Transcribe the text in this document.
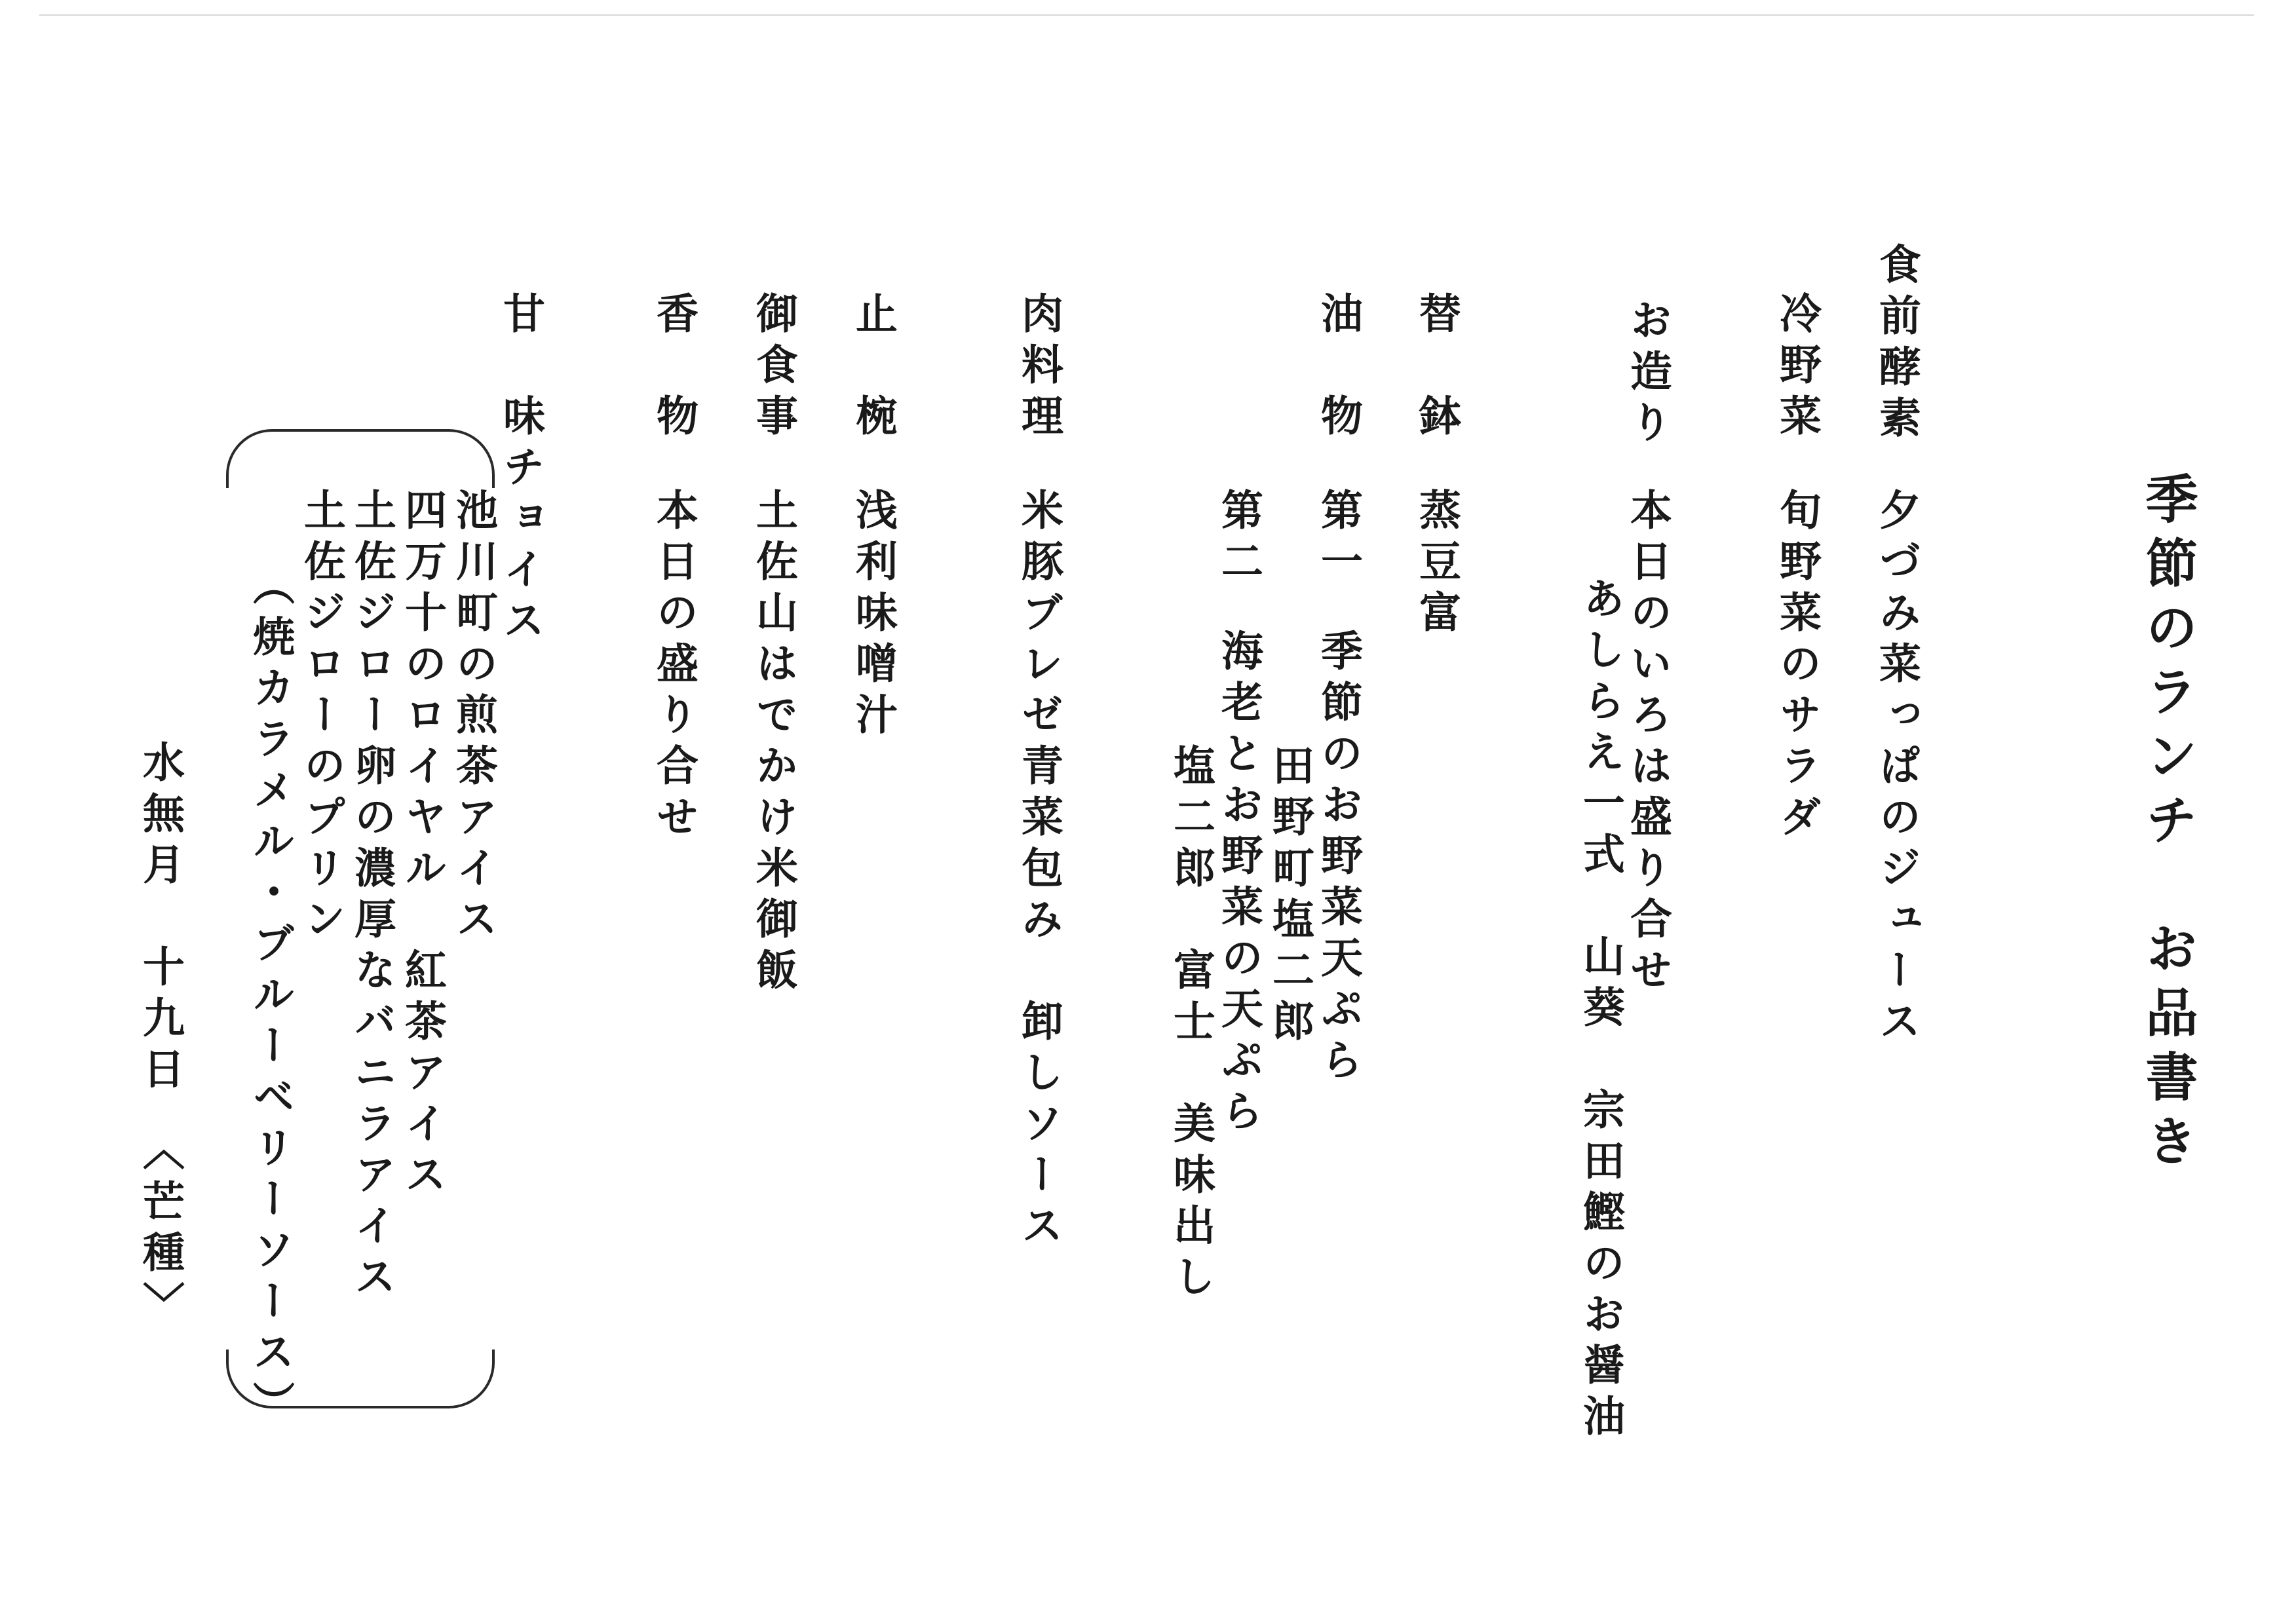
季節のランチ　お品書き
食前酵素
夕づみ菜っぱのジュース
冷野菜
旬野菜のサラダ
お造り
本日のいろは盛り合せ
あしらえ一式　山葵　宗田鰹のお醤油
替　鉢
蒸豆富
油　物
第一
季節のお野菜天ぷら
田野町塩二郎
第二
海老とお野菜の天ぷら
塩二郎　富士　美味出し
肉料理
米豚ブレゼ青菜包み　卸しソース
止　椀
浅利味噌汁
御食事
土佐山はでかけ米御飯
香　物
本日の盛り合せ
甘　味チョイス
池川町の煎茶アイス
四万十のロイヤル　紅茶アイス
土佐ジロー卵の濃厚なバニラアイス
土佐ジローのプリン
（焼カラメル・ブルーベリーソース）
水無月　十九日　〈芒種〉
